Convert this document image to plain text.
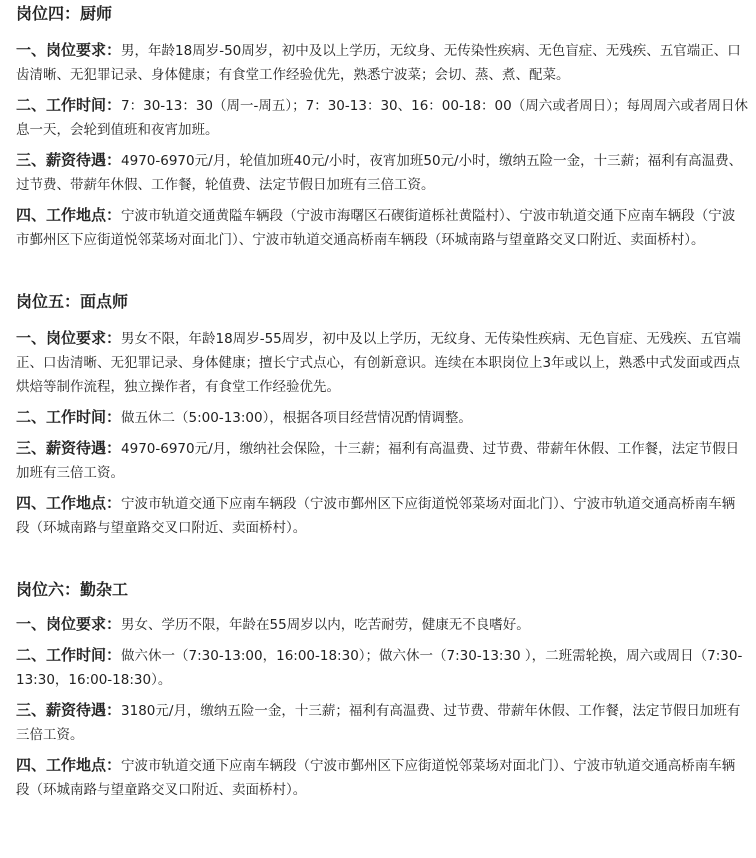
岗位四：厨师

一、岗位要求：男，年龄18周岁-50周岁，初中及以上学历，无纹身、无传染性疾病、无色盲症、无残疾、五官端正、口齿清晰、无犯罪记录、身体健康；有食堂工作经验优先，熟悉宁波菜；会切、蒸、煮、配菜。

二、工作时间：7：30-13：30（周一-周五）；7：30-13：30、16：00-18：00（周六或者周日）；每周周六或者周日休息一天，会轮到值班和夜宵加班。

三、薪资待遇：4970-6970元/月，轮值加班40元/小时，夜宵加班50元/小时，缴纳五险一金，十三薪；福利有高温费、过节费、带薪年休假、工作餐，轮值费、法定节假日加班有三倍工资。

四、工作地点：宁波市轨道交通黄隘车辆段（宁波市海曙区石碶街道栎社黄隘村）、宁波市轨道交通下应南车辆段（宁波市鄞州区下应街道悦邻菜场对面北门）、宁波市轨道交通高桥南车辆段（环城南路与望童路交叉口附近、卖面桥村）。

岗位五：面点师

一、岗位要求：男女不限，年龄18周岁-55周岁，初中及以上学历，无纹身、无传染性疾病、无色盲症、无残疾、五官端正、口齿清晰、无犯罪记录、身体健康；擅长宁式点心，有创新意识。连续在本职岗位上3年或以上，熟悉中式发面或西点烘焙等制作流程，独立操作者，有食堂工作经验优先。

二、工作时间：做五休二（5:00-13:00），根据各项目经营情况酌情调整。

三、薪资待遇：4970-6970元/月，缴纳社会保险，十三薪；福利有高温费、过节费、带薪年休假、工作餐，法定节假日加班有三倍工资。

四、工作地点：宁波市轨道交通下应南车辆段（宁波市鄞州区下应街道悦邻菜场对面北门）、宁波市轨道交通高桥南车辆段（环城南路与望童路交叉口附近、卖面桥村）。

岗位六：勤杂工

一、岗位要求：男女、学历不限，年龄在55周岁以内，吃苦耐劳，健康无不良嗜好。

二、工作时间：做六休一（7:30-13:00，16:00-18:30）；做六休一（7:30-13:30 ），二班需轮换，周六或周日（7:30-13:30，16:00-18:30）。

三、薪资待遇：3180元/月，缴纳五险一金，十三薪；福利有高温费、过节费、带薪年休假、工作餐，法定节假日加班有三倍工资。

四、工作地点：宁波市轨道交通下应南车辆段（宁波市鄞州区下应街道悦邻菜场对面北门）、宁波市轨道交通高桥南车辆段（环城南路与望童路交叉口附近、卖面桥村）。
